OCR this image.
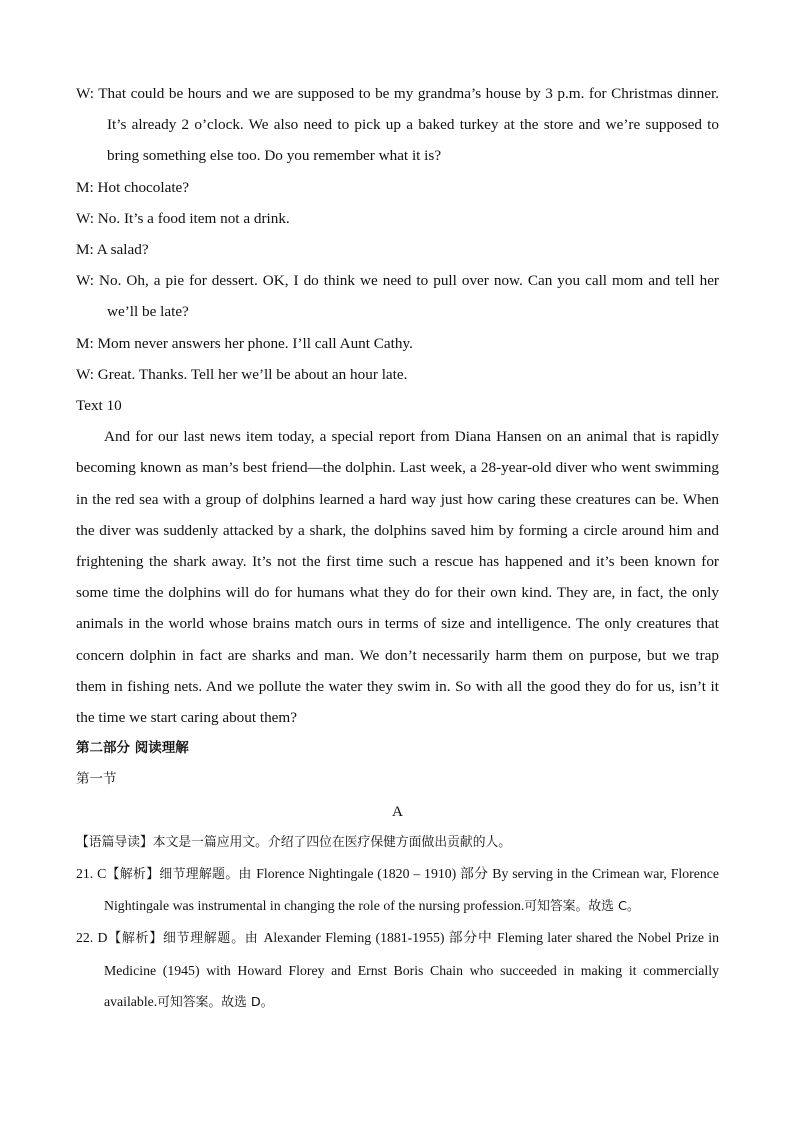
W: That could be hours and we are supposed to be my grandma’s house by 3 p.m. for Christmas dinner. It’s already 2 o’clock. We also need to pick up a baked turkey at the store and we’re supposed to bring something else too. Do you remember what it is?
M: Hot chocolate?
W: No. It’s a food item not a drink.
M: A salad?
W: No. Oh, a pie for dessert. OK, I do think we need to pull over now. Can you call mom and tell her we’ll be late?
M: Mom never answers her phone. I’ll call Aunt Cathy.
W: Great. Thanks. Tell her we’ll be about an hour late.
Text 10
And for our last news item today, a special report from Diana Hansen on an animal that is rapidly becoming known as man’s best friend—the dolphin. Last week, a 28-year-old diver who went swimming in the red sea with a group of dolphins learned a hard way just how caring these creatures can be. When the diver was suddenly attacked by a shark, the dolphins saved him by forming a circle around him and frightening the shark away. It’s not the first time such a rescue has happened and it’s been known for some time the dolphins will do for humans what they do for their own kind. They are, in fact, the only animals in the world whose brains match ours in terms of size and intelligence. The only creatures that concern dolphin in fact are sharks and man. We don’t necessarily harm them on purpose, but we trap them in fishing nets. And we pollute the water they swim in. So with all the good they do for us, isn’t it the time we start caring about them?
第二部分 阅读理解
第一节
A
【语篇导读】本文是一篇应用文。介绍了四位在医疗保健方面做出贡献的人。
21. C【解析】细节理解题。由 Florence Nightingale (1820 – 1910) 部分 By serving in the Crimean war, Florence Nightingale was instrumental in changing the role of the nursing profession.可知答案。故选 C。
22. D【解析】细节理解题。由 Alexander Fleming (1881-1955) 部分中 Fleming later shared the Nobel Prize in Medicine (1945) with Howard Florey and Ernst Boris Chain who succeeded in making it commercially available.可知答案。故选 D。
